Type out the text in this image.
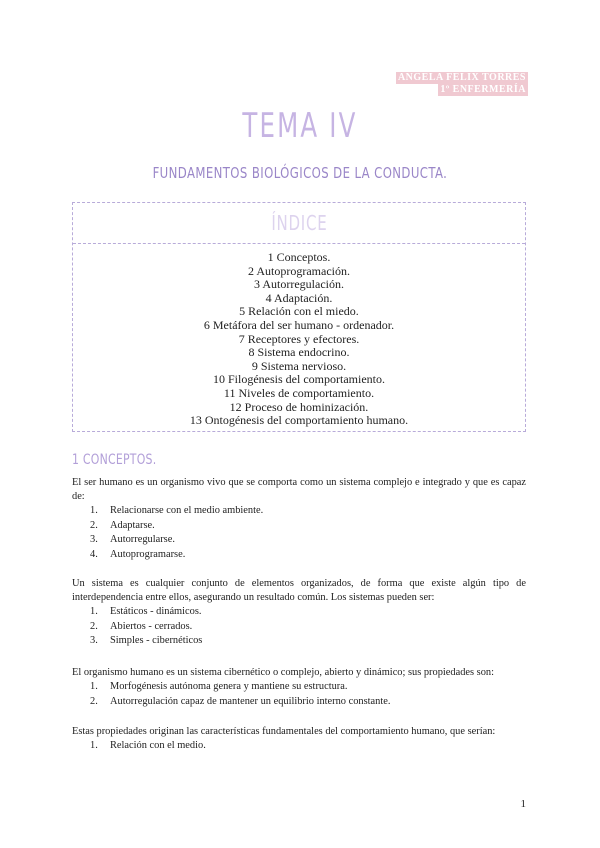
ANGELA FELIX TORRES
1º ENFERMERÍA
TEMA IV
FUNDAMENTOS BIOLÓGICOS DE LA CONDUCTA.
ÍNDICE
1 Conceptos.
2 Autoprogramación.
3 Autorregulación.
4 Adaptación.
5 Relación con el miedo.
6 Metáfora del ser humano - ordenador.
7 Receptores y efectores.
8 Sistema endocrino.
9 Sistema nervioso.
10 Filogénesis del comportamiento.
11 Niveles de comportamiento.
12 Proceso de hominización.
13 Ontogénesis del comportamiento humano.
1 CONCEPTOS.
El ser humano es un organismo vivo que se comporta como un sistema complejo e integrado y que es capaz de:
1.	Relacionarse con el medio ambiente.
2.	Adaptarse.
3.	Autorregularse.
4.	Autoprogramarse.
Un sistema es cualquier conjunto de elementos organizados, de forma que existe algún tipo de interdependencia entre ellos, asegurando un resultado común. Los sistemas pueden ser:
1.	Estáticos - dinámicos.
2.	Abiertos - cerrados.
3.	Simples - cibernéticos
El organismo humano es un sistema cibernético o complejo, abierto y dinámico; sus propiedades son:
1.	Morfogénesis autónoma genera y mantiene su estructura.
2.	Autorregulación capaz de mantener un equilibrio interno constante.
Estas propiedades originan las características fundamentales del comportamiento humano, que serían:
1.	Relación con el medio.
1
